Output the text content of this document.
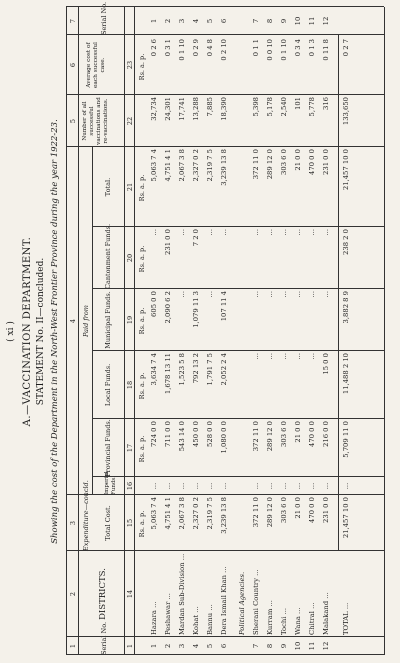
( xi ) A.—VACCINATION DEPARTMENT. STATEMENT No. II—concluded. Showing the cost of the Department in the North-West Frontier Province during the year 1922-23.
1
2
3
4
5
6
7
Serial No.
DISTRICTS.
Expenditure—concld. Total Cost.
Paid from
Imperial Funds.
Provincial Funds.
Local Funds.
Municipal Funds.
Cantonment Funds.
Total.
Number of all successful vaccinations and re-vaccinations.
Average cost of each successful case.
Serial No.
1
14
15
16
17
18
19
20
21
22
23
Rs. a. p.
Rs. a. p.
Rs. a. p.
Rs. a. p.
Rs. a. p.
Rs. a. p.
Rs. a. p.
1
Hazara ...
5,063 7 4
...
724 0 0
3,634 7 4
605 0 0
...
5,063 7 4
32,734
0 2 6
1
2
Peshawar ...
4,751 4 1
...
711 0 0
1,678 13 11
2,090 6 2
231 0 0
4,751 4 1
24,301
0 3 1
2
3
Mardan Sub-Division ...
2,067 3 8
...
543 14 0
1,523 5 8
...
...
2,067 3 8
17,741
0 1 10
3
4
Kohat ...
2,327 0 2
...
450 0 0
792 13 2
1,079 11 3
7 2 0
2,327 0 2
13,288
0 2 9
4
5
Bannu ...
2,319 7 5
...
528 0 0
1,791 7 5
...
...
2,319 7 5
7,885
0 4 8
5
6
Dera Ismail Khan ...
3,239 13 8
...
1,080 0 0
2,052 2 4
107 11 4
...
3,239 13 8
18,390
0 2 10
6
Political Agencies.
7
Sherani Country ...
372 11 0
...
372 11 0
...
...
...
372 11 0
5,398
0 1 1
7
8
Kurram ...
289 12 0
...
289 12 0
...
...
...
289 12 0
5,178
0 0 10
8
9
Tochi ...
303 6 0
...
303 6 0
...
...
...
303 6 0
2,540
0 1 10
9
10
Wana ...
21 0 0
...
21 0 0
...
...
...
21 0 0
101
0 3 4
10
11
Chitral ...
470 0 0
...
470 0 0
...
...
...
470 0 0
5,778
0 1 3
11
12
Malakand ...
231 0 0
...
216 0 0
15 0 0
...
...
231 0 0
316
0 11 8
12
TOTAL ...
21,457 10 0
...
5,709 11 0
11,488 2 10
3,882 8 9
238 2 0
21,457 10 0
133,650
0 2 7
